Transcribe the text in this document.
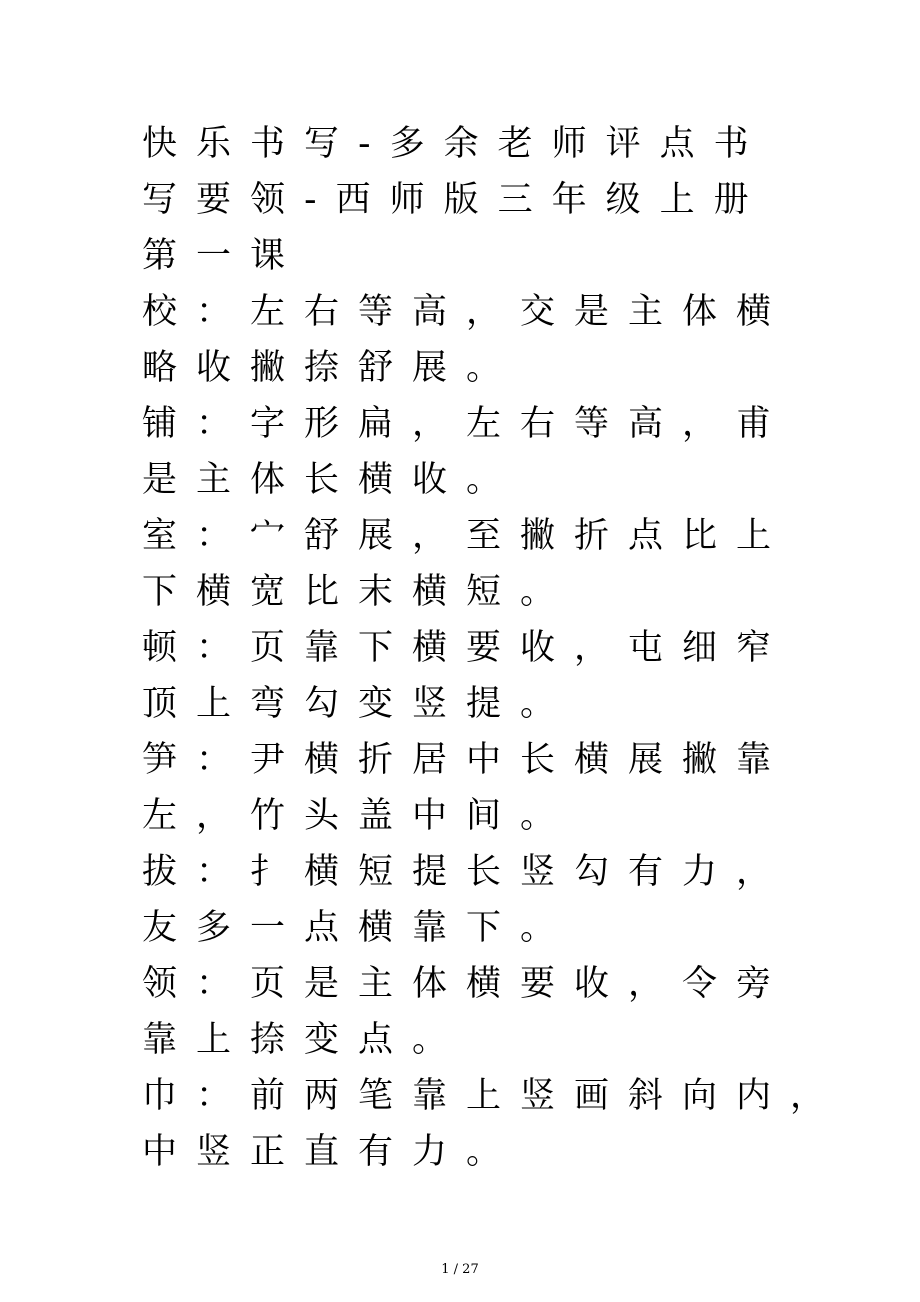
快乐书写-多余老师评点书
写要领-西师版三年级上册
第一课
校：左右等高，交是主体横
略收撇捺舒展。
铺：字形扁，左右等高，甫
是主体长横收。
室：宀舒展，至撇折点比上
下横宽比末横短。
顿：页靠下横要收，屯细窄
顶上弯勾变竖提。
笋：尹横折居中长横展撇靠
左，竹头盖中间。
拔：扌横短提长竖勾有力，
友多一点横靠下。
领：页是主体横要收，令旁
靠上捺变点。
巾：前两笔靠上竖画斜向内，
中竖正直有力。
1 / 27
